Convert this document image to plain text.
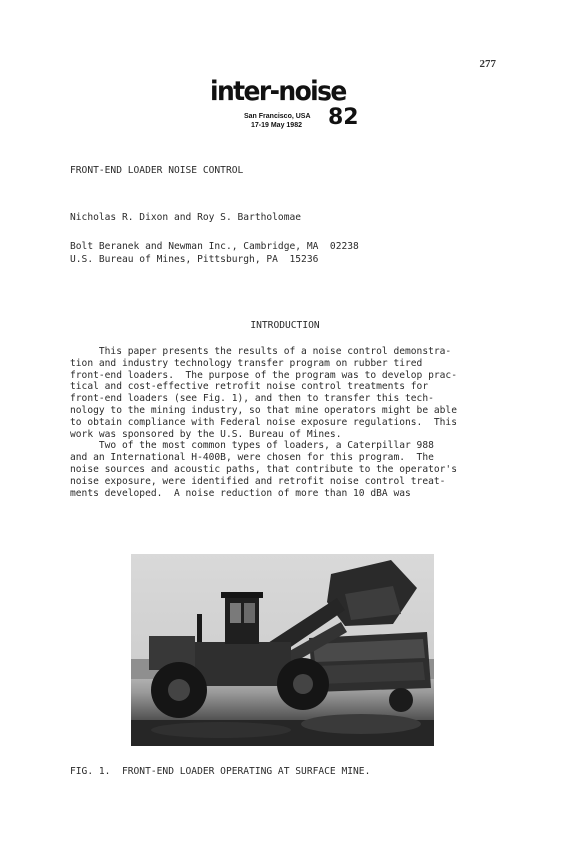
277
inter-noise
San Francisco, USA
17-19 May 1982 82
FRONT-END LOADER NOISE CONTROL
Nicholas R. Dixon and Roy S. Bartholomae
Bolt Beranek and Newman Inc., Cambridge, MA  02238
U.S. Bureau of Mines, Pittsburgh, PA  15236
INTRODUCTION
This paper presents the results of a noise control demonstra-
tion and industry technology transfer program on rubber tired
front-end loaders.  The purpose of the program was to develop prac-
tical and cost-effective retrofit noise control treatments for
front-end loaders (see Fig. 1), and then to transfer this tech-
nology to the mining industry, so that mine operators might be able
to obtain compliance with Federal noise exposure regulations.  This
work was sponsored by the U.S. Bureau of Mines.
Two of the most common types of loaders, a Caterpillar 988
and an International H-400B, were chosen for this program.  The
noise sources and acoustic paths, that contribute to the operator's
noise exposure, were identified and retrofit noise control treat-
ments developed.  A noise reduction of more than 10 dBA was
FIG. 1.  FRONT-END LOADER OPERATING AT SURFACE MINE.
